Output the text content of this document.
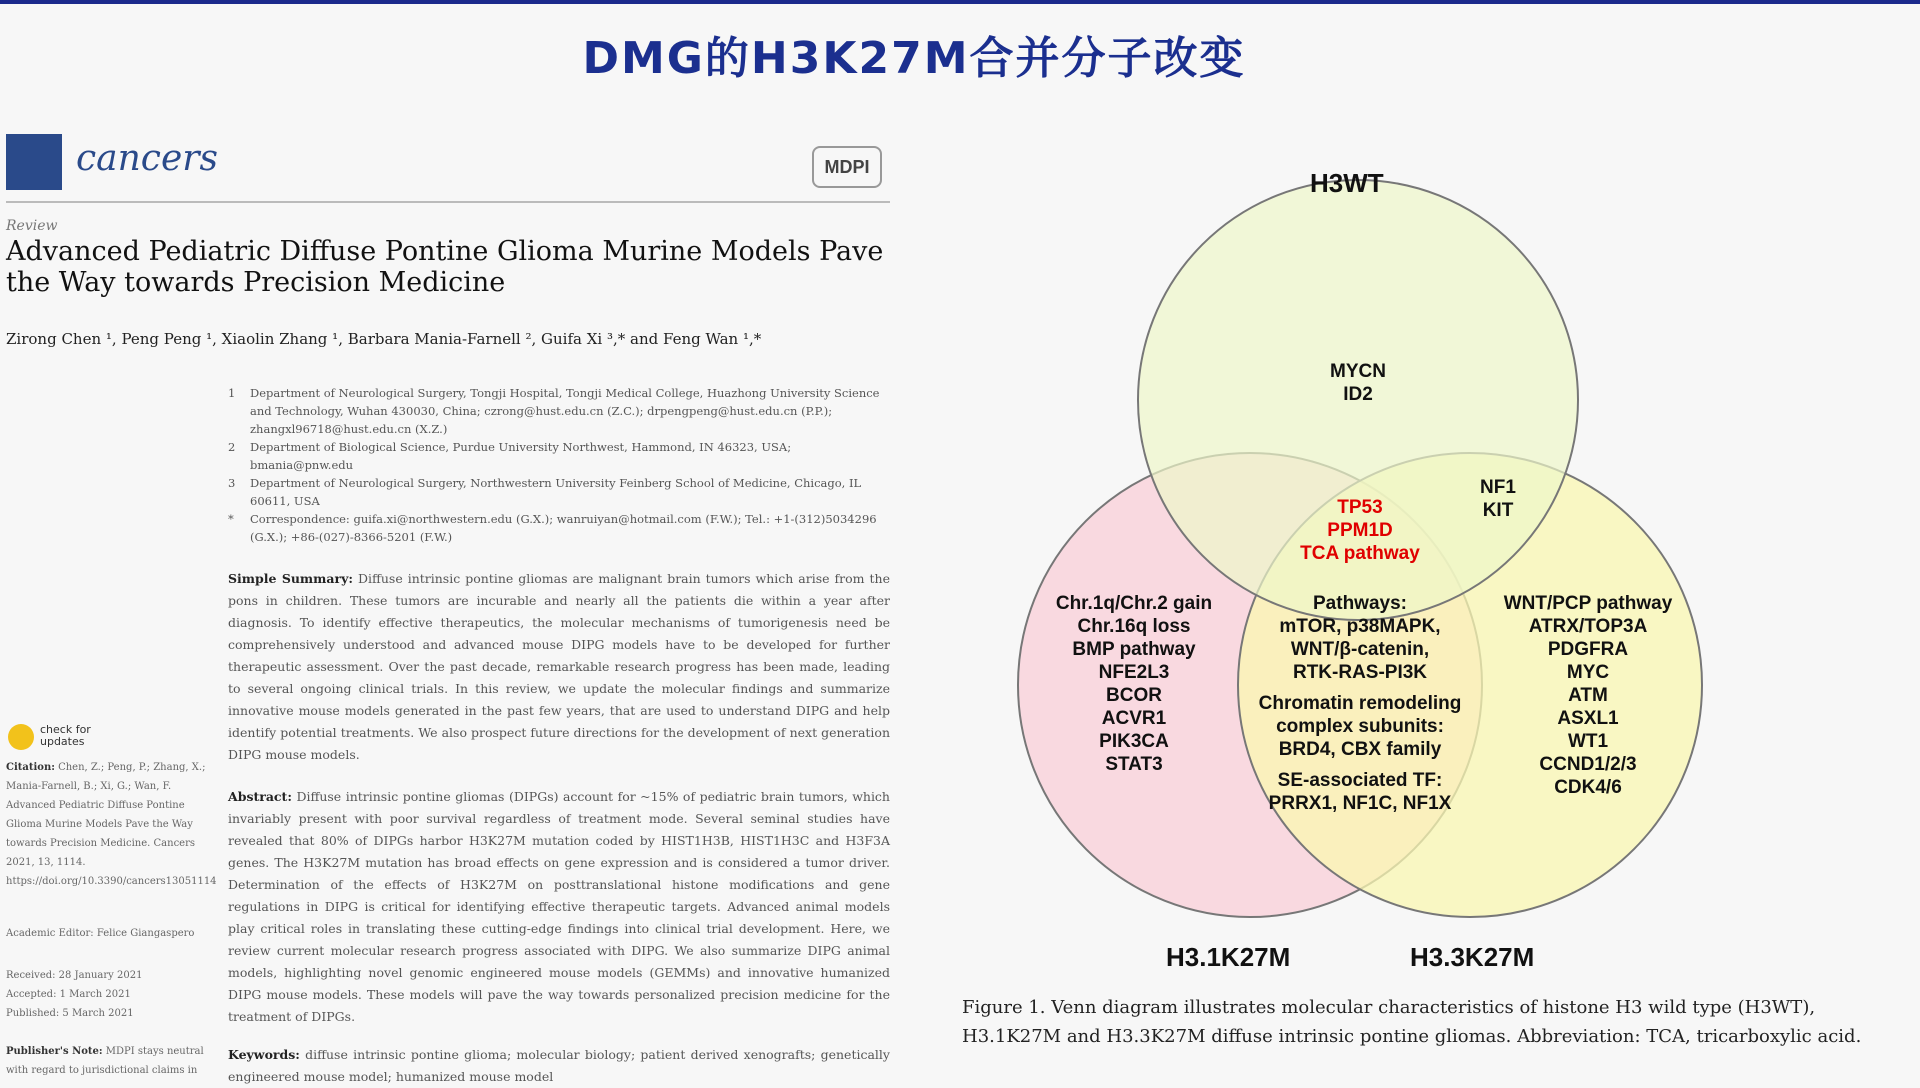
DMG的H3K27M合并分子改变
cancers	MDPI
Review
Advanced Pediatric Diffuse Pontine Glioma Murine Models Pave the Way towards Precision Medicine
Zirong Chen ¹, Peng Peng ¹, Xiaolin Zhang ¹, Barbara Mania-Farnell ², Guifa Xi ³,* and Feng Wan ¹,*
1 Department of Neurological Surgery, Tongji Hospital, Tongji Medical College, Huazhong University Science and Technology, Wuhan 430030, China; czrong@hust.edu.cn (Z.C.); drpengpeng@hust.edu.cn (P.P.); zhangxl96718@hust.edu.cn (X.Z.)
2 Department of Biological Science, Purdue University Northwest, Hammond, IN 46323, USA; bmania@pnw.edu
3 Department of Neurological Surgery, Northwestern University Feinberg School of Medicine, Chicago, IL 60611, USA
* Correspondence: guifa.xi@northwestern.edu (G.X.); wanruiyan@hotmail.com (F.W.); Tel.: +1-(312)5034296 (G.X.); +86-(027)-8366-5201 (F.W.)
Simple Summary: Diffuse intrinsic pontine gliomas are malignant brain tumors which arise from the pons in children. These tumors are incurable and nearly all the patients die within a year after diagnosis. To identify effective therapeutics, the molecular mechanisms of tumorigenesis need be comprehensively understood and advanced mouse DIPG models have to be developed for further therapeutic assessment. Over the past decade, remarkable research progress has been made, leading to several ongoing clinical trials. In this review, we update the molecular findings and summarize innovative mouse models generated in the past few years, that are used to understand DIPG and help identify potential treatments. We also prospect future directions for the development of next generation DIPG mouse models.
Abstract: Diffuse intrinsic pontine gliomas (DIPGs) account for ~15% of pediatric brain tumors, which invariably present with poor survival regardless of treatment mode. Several seminal studies have revealed that 80% of DIPGs harbor H3K27M mutation coded by HIST1H3B, HIST1H3C and H3F3A genes. The H3K27M mutation has broad effects on gene expression and is considered a tumor driver. Determination of the effects of H3K27M on posttranslational histone modifications and gene regulations in DIPG is critical for identifying effective therapeutic targets. Advanced animal models play critical roles in translating these cutting-edge findings into clinical trial development. Here, we review current molecular research progress associated with DIPG. We also summarize DIPG animal models, highlighting novel genomic engineered mouse models (GEMMs) and innovative humanized DIPG mouse models. These models will pave the way towards personalized precision medicine for the treatment of DIPGs.
Keywords: diffuse intrinsic pontine glioma; molecular biology; patient derived xenografts; genetically engineered mouse model; humanized mouse model
check for updates
Citation: Chen, Z.; Peng, P.; Zhang, X.; Mania-Farnell, B.; Xi, G.; Wan, F. Advanced Pediatric Diffuse Pontine Glioma Murine Models Pave the Way towards Precision Medicine. Cancers 2021, 13, 1114. https://doi.org/10.3390/cancers13051114
Academic Editor: Felice Giangaspero
Received: 28 January 2021
Accepted: 1 March 2021
Published: 5 March 2021
Publisher's Note: MDPI stays neutral with regard to jurisdictional claims in
H3WT
H3.1K27M	H3.3K27M
MYCN
ID2
NF1
KIT
TP53
PPM1D
TCA pathway
Chr.1q/Chr.2 gain
Chr.16q loss
BMP pathway
NFE2L3
BCOR
ACVR1
PIK3CA
STAT3
Pathways:
mTOR, p38MAPK,
WNT/β-catenin,
RTK-RAS-PI3K
Chromatin remodeling
complex subunits:
BRD4, CBX family
SE-associated TF:
PRRX1, NF1C, NF1X
WNT/PCP pathway
ATRX/TOP3A
PDGFRA
MYC
ATM
ASXL1
WT1
CCND1/2/3
CDK4/6
Figure 1. Venn diagram illustrates molecular characteristics of histone H3 wild type (H3WT), H3.1K27M and H3.3K27M diffuse intrinsic pontine gliomas. Abbreviation: TCA, tricarboxylic acid.
